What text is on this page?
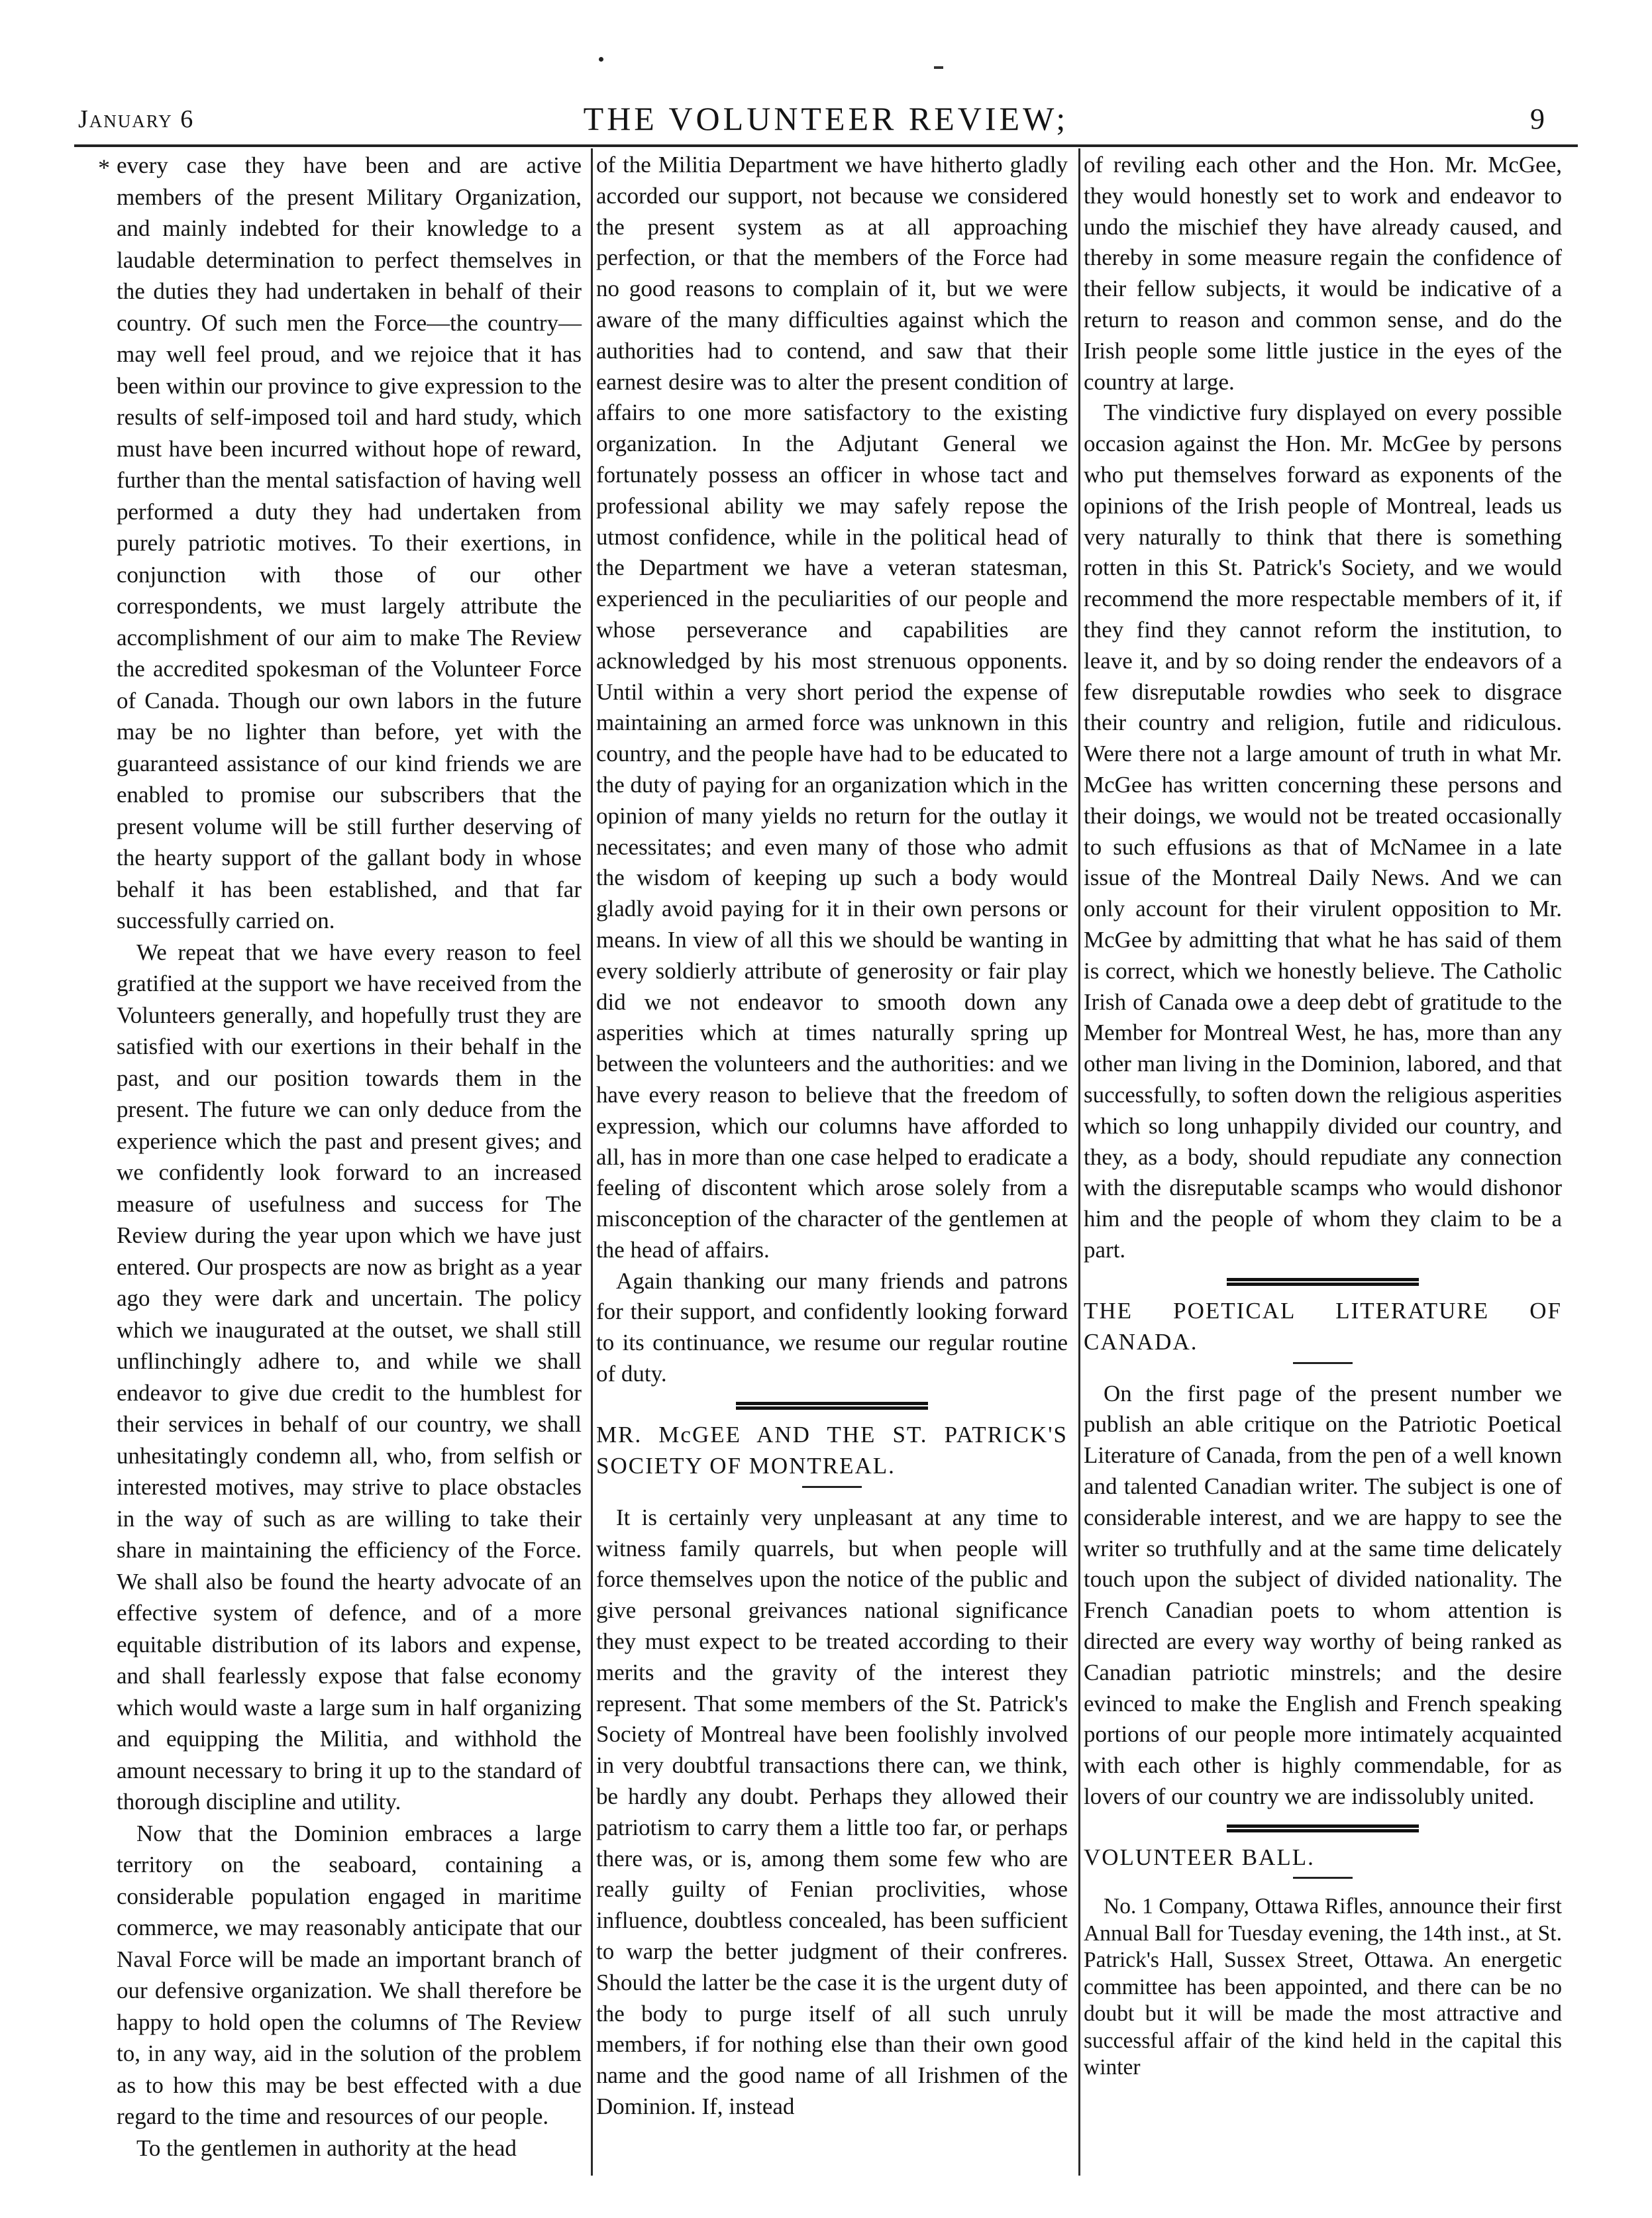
January 6	THE VOLUNTEER REVIEW;	9
* every case they have been and are active members of the present Military Organization, and mainly indebted for their knowledge to a laudable determination to perfect themselves in the duties they had undertaken in behalf of their country. Of such men the Force—the country—may well feel proud, and we rejoice that it has been within our province to give expression to the results of self-imposed toil and hard study, which must have been incurred without hope of reward, further than the mental satisfaction of having well performed a duty they had undertaken from purely patriotic motives. To their exertions, in conjunction with those of our other correspondents, we must largely attribute the accomplishment of our aim to make The Review the accredited spokesman of the Volunteer Force of Canada. Though our own labors in the future may be no lighter than before, yet with the guaranteed assistance of our kind friends we are enabled to promise our subscribers that the present volume will be still further deserving of the hearty support of the gallant body in whose behalf it has been established, and that far successfully carried on.

We repeat that we have every reason to feel gratified at the support we have received from the Volunteers generally, and hopefully trust they are satisfied with our exertions in their behalf in the past, and our position towards them in the present. The future we can only deduce from the experience which the past and present gives; and we confidently look forward to an increased measure of usefulness and success for The Review during the year upon which we have just entered. Our prospects are now as bright as a year ago they were dark and uncertain. The policy which we inaugurated at the outset, we shall still unflinchingly adhere to, and while we shall endeavor to give due credit to the humblest for their services in behalf of our country, we shall unhesitatingly condemn all, who, from selfish or interested motives, may strive to place obstacles in the way of such as are willing to take their share in maintaining the efficiency of the Force. We shall also be found the hearty advocate of an effective system of defence, and of a more equitable distribution of its labors and expense, and shall fearlessly expose that false economy which would waste a large sum in half organizing and equipping the Militia, and withhold the amount necessary to bring it up to the standard of thorough discipline and utility.

Now that the Dominion embraces a large territory on the seaboard, containing a considerable population engaged in maritime commerce, we may reasonably anticipate that our Naval Force will be made an important branch of our defensive organization. We shall therefore be happy to hold open the columns of The Review to, in any way, aid in the solution of the problem as to how this may be best effected with a due regard to the time and resources of our people.

To the gentlemen in authority at the head

of the Militia Department we have hitherto gladly accorded our support, not because we considered the present system as at all approaching perfection, or that the members of the Force had no good reasons to complain of it, but we were aware of the many difficulties against which the authorities had to contend, and saw that their earnest desire was to alter the present condition of affairs to one more satisfactory to the existing organization. In the Adjutant General we fortunately possess an officer in whose tact and professional ability we may safely repose the utmost confidence, while in the political head of the Department we have a veteran statesman, experienced in the peculiarities of our people and whose perseverance and capabilities are acknowledged by his most strenuous opponents. Until within a very short period the expense of maintaining an armed force was unknown in this country, and the people have had to be educated to the duty of paying for an organization which in the opinion of many yields no return for the outlay it necessitates; and even many of those who admit the wisdom of keeping up such a body would gladly avoid paying for it in their own persons or means. In view of all this we should be wanting in every soldierly attribute of generosity or fair play did we not endeavor to smooth down any asperities which at times naturally spring up between the volunteers and the authorities: and we have every reason to believe that the freedom of expression, which our columns have afforded to all, has in more than one case helped to eradicate a feeling of discontent which arose solely from a misconception of the character of the gentlemen at the head of affairs.

Again thanking our many friends and patrons for their support, and confidently looking forward to its continuance, we resume our regular routine of duty.

MR. McGEE AND THE ST. PATRICK'S SOCIETY OF MONTREAL.

It is certainly very unpleasant at any time to witness family quarrels, but when people will force themselves upon the notice of the public and give personal greivances national significance they must expect to be treated according to their merits and the gravity of the interest they represent. That some members of the St. Patrick's Society of Montreal have been foolishly involved in very doubtful transactions there can, we think, be hardly any doubt. Perhaps they allowed their patriotism to carry them a little too far, or perhaps there was, or is, among them some few who are really guilty of Fenian proclivities, whose influence, doubtless concealed, has been sufficient to warp the better judgment of their confreres. Should the latter be the case it is the urgent duty of the body to purge itself of all such unruly members, if for nothing else than their own good name and the good name of all Irishmen of the Dominion. If, instead

of reviling each other and the Hon. Mr. McGee, they would honestly set to work and endeavor to undo the mischief they have already caused, and thereby in some measure regain the confidence of their fellow subjects, it would be indicative of a return to reason and common sense, and do the Irish people some little justice in the eyes of the country at large.

The vindictive fury displayed on every possible occasion against the Hon. Mr. McGee by persons who put themselves forward as exponents of the opinions of the Irish people of Montreal, leads us very naturally to think that there is something rotten in this St. Patrick's Society, and we would recommend the more respectable members of it, if they find they cannot reform the institution, to leave it, and by so doing render the endeavors of a few disreputable rowdies who seek to disgrace their country and religion, futile and ridiculous. Were there not a large amount of truth in what Mr. McGee has written concerning these persons and their doings, we would not be treated occasionally to such effusions as that of McNamee in a late issue of the Montreal Daily News. And we can only account for their virulent opposition to Mr. McGee by admitting that what he has said of them is correct, which we honestly believe. The Catholic Irish of Canada owe a deep debt of gratitude to the Member for Montreal West, he has, more than any other man living in the Dominion, labored, and that successfully, to soften down the religious asperities which so long unhappily divided our country, and they, as a body, should repudiate any connection with the disreputable scamps who would dishonor him and the people of whom they claim to be a part.

THE POETICAL LITERATURE OF CANADA.

On the first page of the present number we publish an able critique on the Patriotic Poetical Literature of Canada, from the pen of a well known and talented Canadian writer. The subject is one of considerable interest, and we are happy to see the writer so truthfully and at the same time delicately touch upon the subject of divided nationality. The French Canadian poets to whom attention is directed are every way worthy of being ranked as Canadian patriotic minstrels; and the desire evinced to make the English and French speaking portions of our people more intimately acquainted with each other is highly commendable, for as lovers of our country we are indissolubly united.

VOLUNTEER BALL.

No. 1 Company, Ottawa Rifles, announce their first Annual Ball for Tuesday evening, the 14th inst., at St. Patrick's Hall, Sussex Street, Ottawa. An energetic committee has been appointed, and there can be no doubt but it will be made the most attractive and successful affair of the kind held in the capital this winter
